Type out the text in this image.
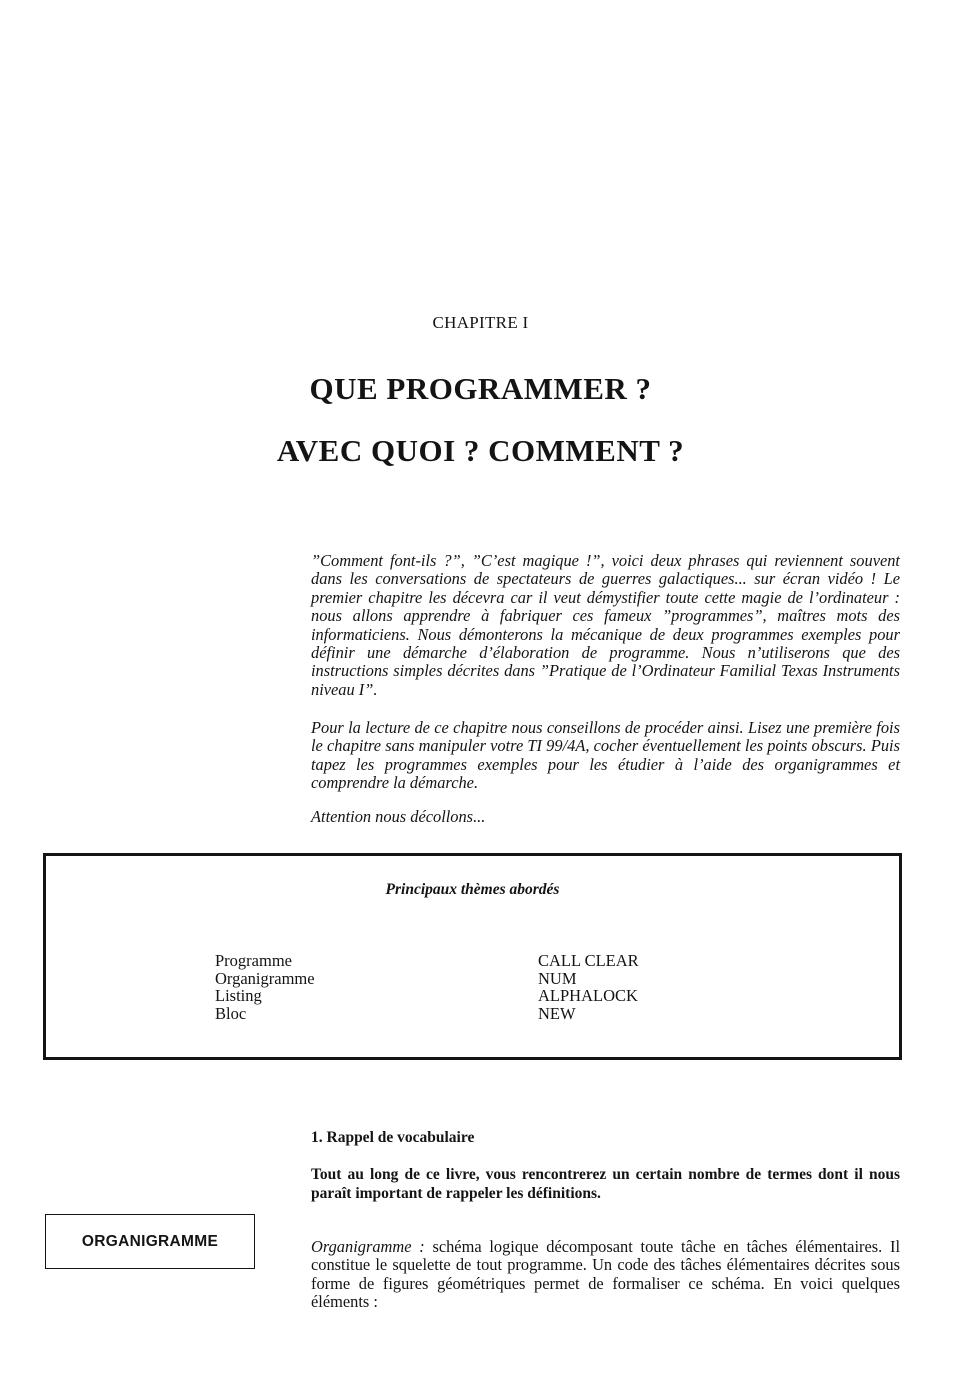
CHAPITRE I
QUE PROGRAMMER ?
AVEC QUOI ? COMMENT ?

”Comment font-ils ?”, ”C’est magique !”, voici deux phrases qui reviennent souvent dans les conversations de spectateurs de guerres galactiques... sur écran vidéo ! Le premier chapitre les décevra car il veut démystifier toute cette magie de l’ordinateur : nous allons apprendre à fabriquer ces fameux ”programmes”, maîtres mots des informaticiens. Nous démonterons la mécanique de deux programmes exemples pour définir une démarche d’élaboration de programme. Nous n’utiliserons que des instructions simples décrites dans ”Pratique de l’Ordinateur Familial Texas Instruments niveau I”.

Pour la lecture de ce chapitre nous conseillons de procéder ainsi. Lisez une première fois le chapitre sans manipuler votre TI 99/4A, cocher éventuellement les points obscurs. Puis tapez les programmes exemples pour les étudier à l’aide des organigrammes et comprendre la démarche.

Attention nous décollons...

Principaux thèmes abordés
Programme
Organigramme
Listing
Bloc
CALL CLEAR
NUM
ALPHALOCK
NEW
1. Rappel de vocabulaire
Tout au long de ce livre, vous rencontrerez un certain nombre de termes dont il nous paraît important de rappeler les définitions.
ORGANIGRAMME	Organigramme : schéma logique décomposant toute tâche en tâches élémentaires. Il constitue le squelette de tout programme. Un code des tâches élémentaires décrites sous forme de figures géométriques permet de formaliser ce schéma. En voici quelques éléments :
